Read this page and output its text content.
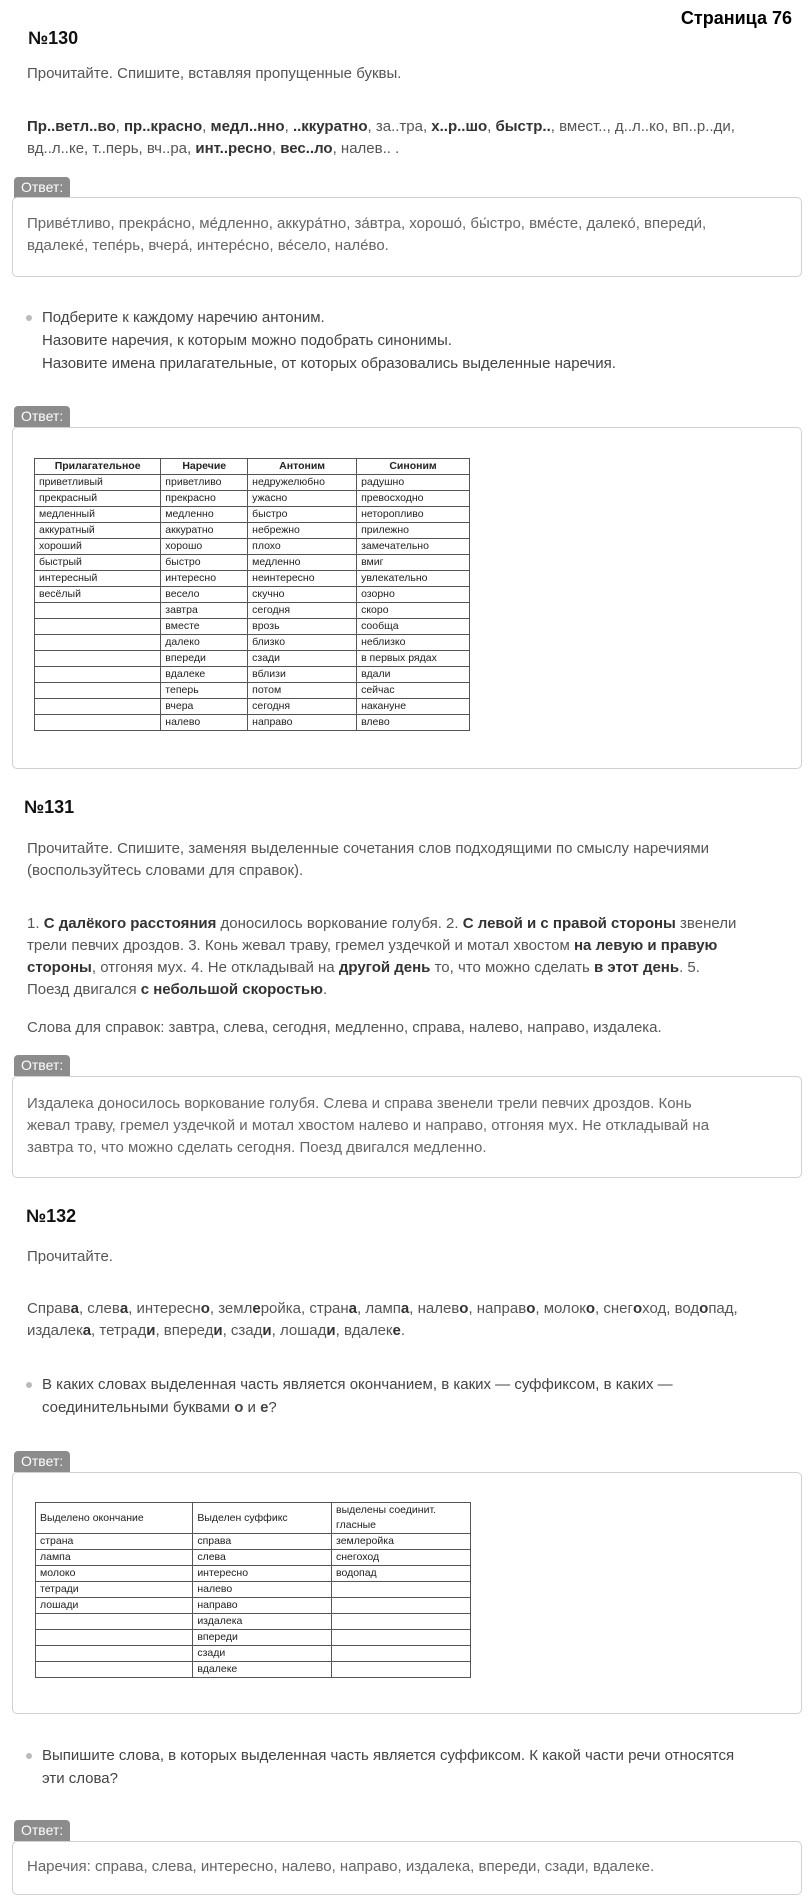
Страница 76
№130
Прочитайте. Спишите, вставляя пропущенные буквы.
Пр..ветл..во, пр..красно, медл..нно, ..ккуратно, за..тра, х..р..шо, быстр.., вмест.., д..л..ко, вп..р..ди,
вд..л..ке, т..перь, вч..ра, инт..ресно, вес..ло, налев.. .
Ответ:
Приве́тливо, прекра́сно, ме́дленно, аккура́тно, за́втра, хорошо́, бы́стро, вме́сте, далеко́, впереди́,
вдалеке́, тепе́рь, вчера́, интере́сно, ве́село, нале́во.
Подберите к каждому наречию антоним.
Назовите наречия, к которым можно подобрать синонимы.
Назовите имена прилагательные, от которых образовались выделенные наречия.
Ответ:
Прилагательное	Наречие	Антоним	Синоним
приветливый	приветливо	недружелюбно	радушно
прекрасный	прекрасно	ужасно	превосходно
медленный	медленно	быстро	неторопливо
аккуратный	аккуратно	небрежно	прилежно
хороший	хорошо	плохо	замечательно
быстрый	быстро	медленно	вмиг
интересный	интересно	неинтересно	увлекательно
весёлый	весело	скучно	озорно
	завтра	сегодня	скоро
	вместе	врозь	сообща
	далеко	близко	неблизко
	впереди	сзади	в первых рядах
	вдалеке	вблизи	вдали
	теперь	потом	сейчас
	вчера	сегодня	накануне
	налево	направо	влево
№131
Прочитайте. Спишите, заменяя выделенные сочетания слов подходящими по смыслу наречиями
(воспользуйтесь словами для справок).
1. С далёкого расстояния доносилось воркование голубя. 2. С левой и с правой стороны звенели
трели певчих дроздов. 3. Конь жевал траву, гремел уздечкой и мотал хвостом на левую и правую
стороны, отгоняя мух. 4. Не откладывай на другой день то, что можно сделать в этот день. 5.
Поезд двигался с небольшой скоростью.
Слова для справок: завтра, слева, сегодня, медленно, справа, налево, направо, издалека.
Ответ:
Издалека доносилось воркование голубя. Слева и справа звенели трели певчих дроздов. Конь
жевал траву, гремел уздечкой и мотал хвостом налево и направо, отгоняя мух. Не откладывай на
завтра то, что можно сделать сегодня. Поезд двигался медленно.
№132
Прочитайте.
Справа, слева, интересно, землеройка, страна, лампа, налево, направо, молоко, снегоход, водопад,
издалека, тетради, впереди, сзади, лошади, вдалеке.
В каких словах выделенная часть является окончанием, в каких — суффиксом, в каких —
соединительными буквами о и е?
Ответ:
Выделено окончание	Выделен суффикс	выделены соединит. гласные
страна	справа	землеройка
лампа	слева	снегоход
молоко	интересно	водопад
тетради	налево	
лошади	направо	
	издалека	
	впереди	
	сзади	
	вдалеке	
Выпишите слова, в которых выделенная часть является суффиксом. К какой части речи относятся
эти слова?
Ответ:
Наречия: справа, слева, интересно, налево, направо, издалека, впереди, сзади, вдалеке.
